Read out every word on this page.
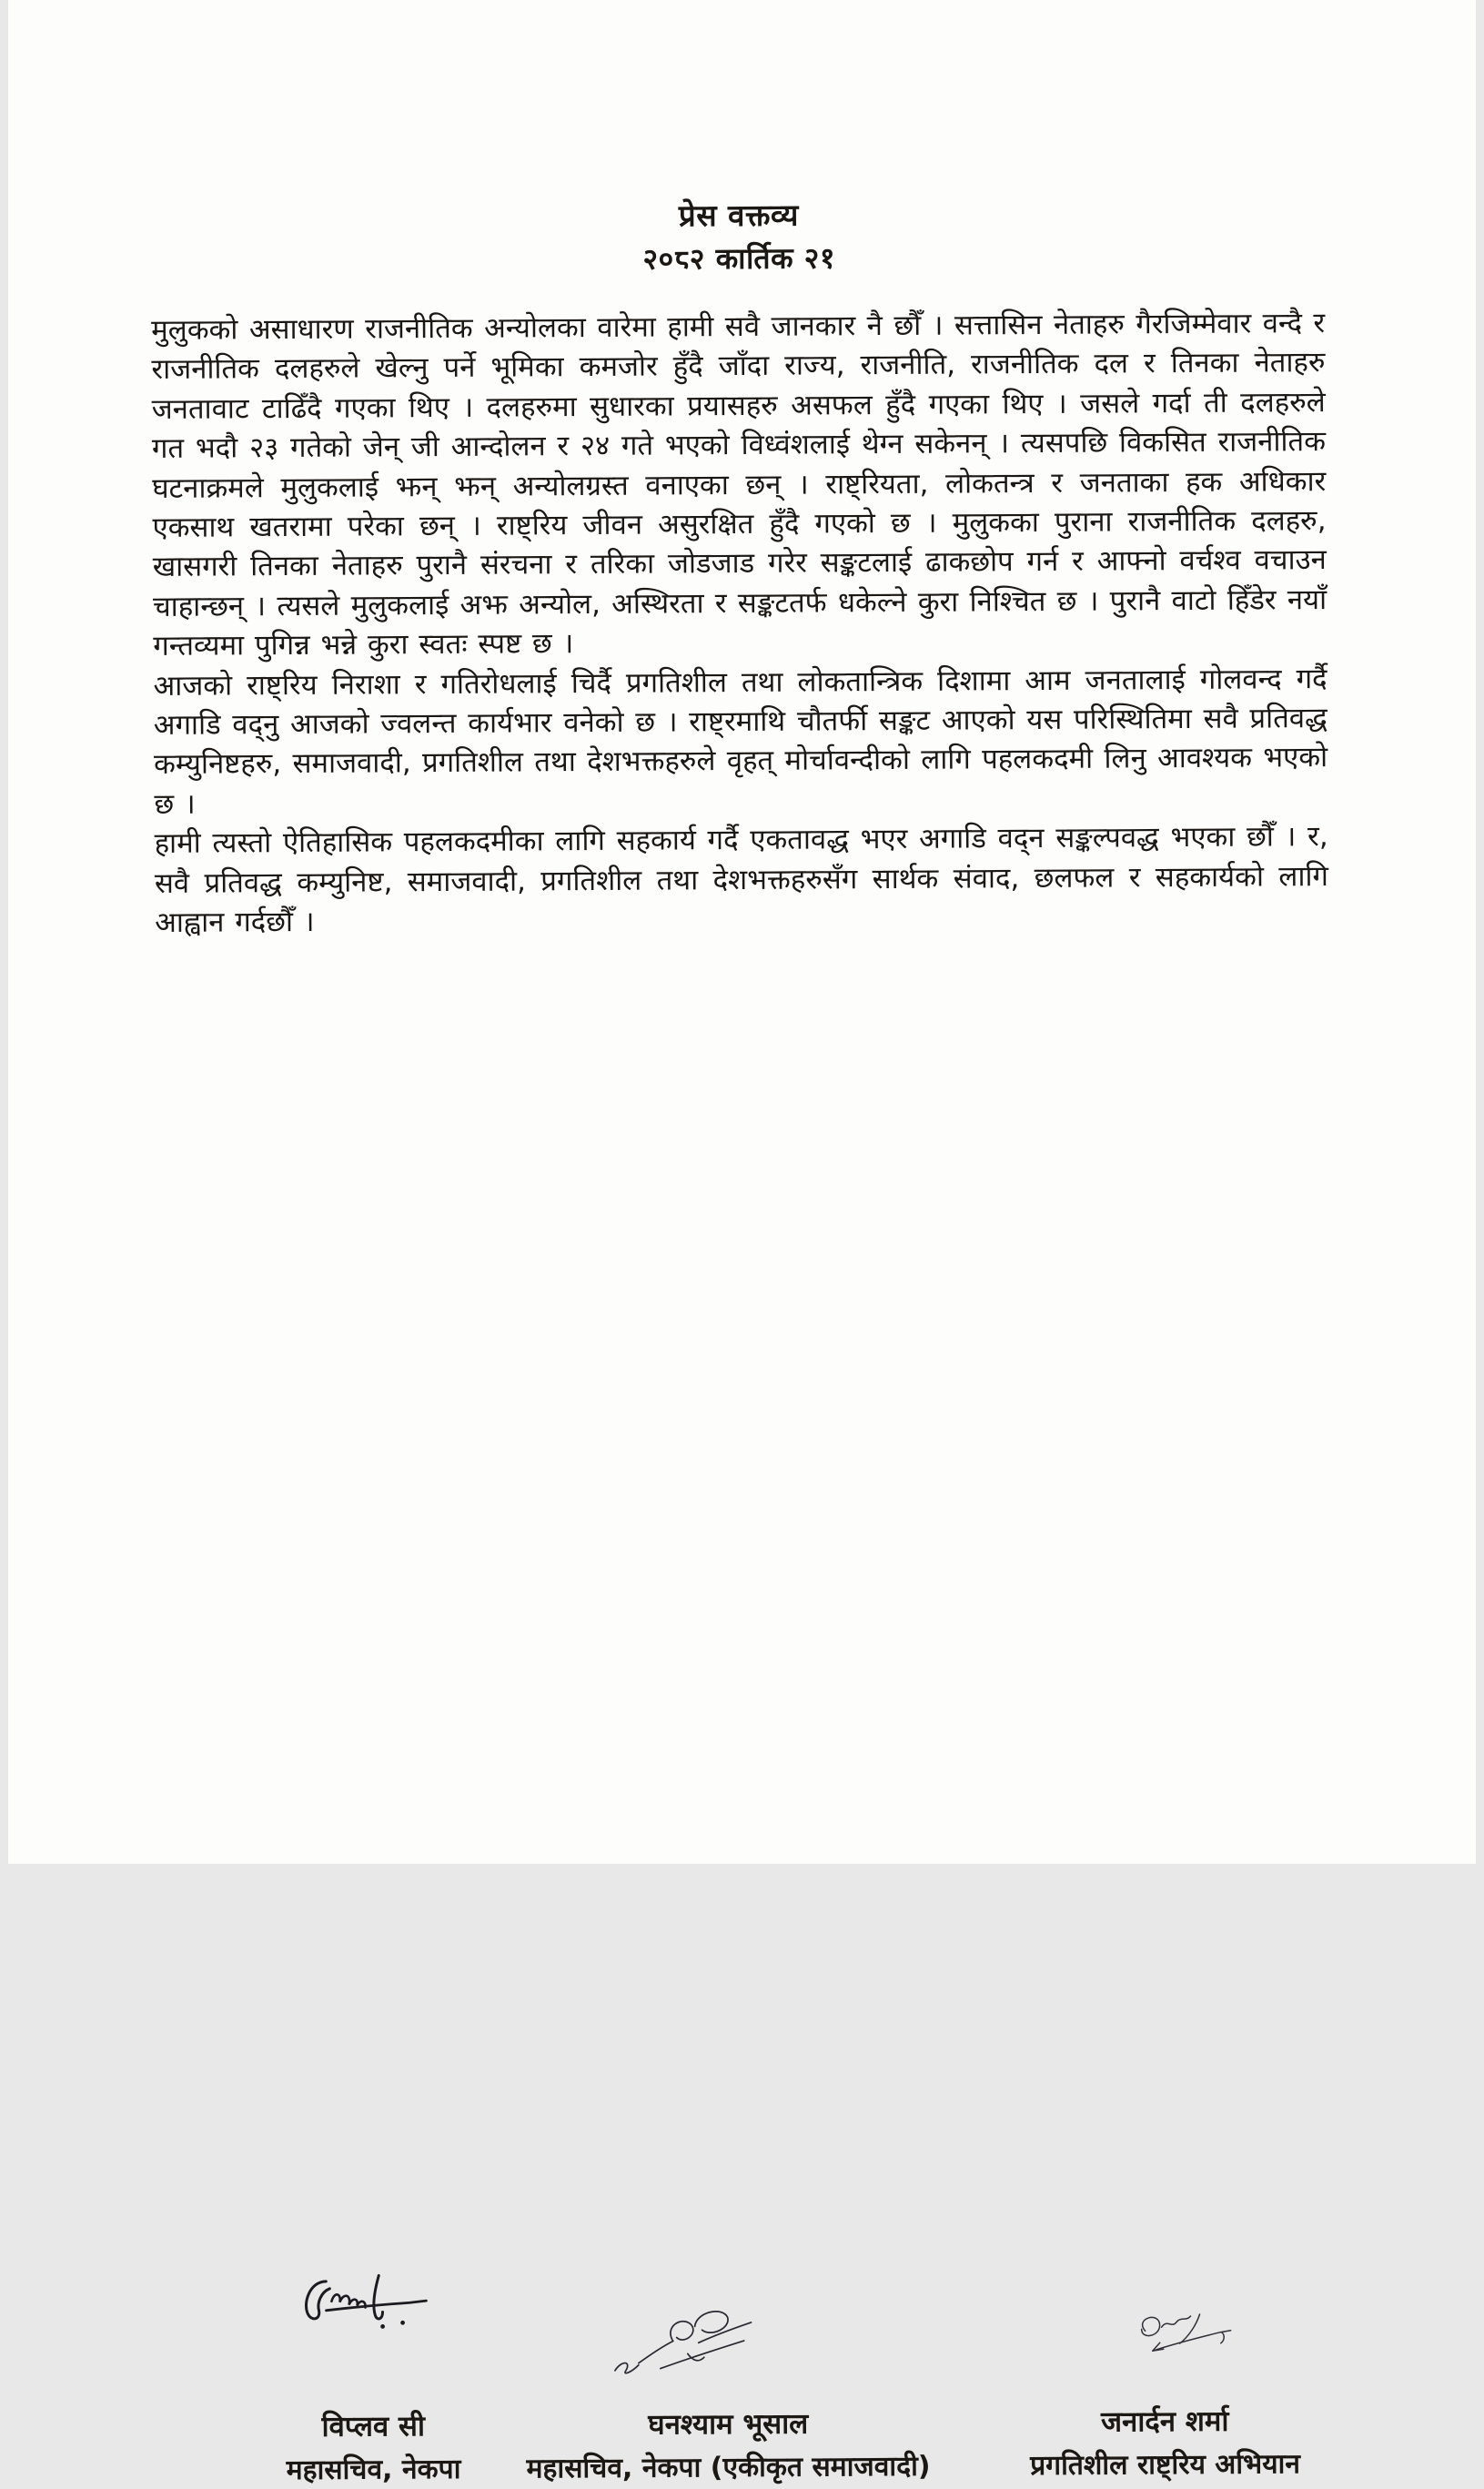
प्रेस वक्तव्य
२०८२ कार्तिक २१

मुलुकको असाधारण राजनीतिक अन्योलका वारेमा हामी सवै जानकार नै छौँ । सत्तासिन नेताहरु गैरजिम्मेवार वन्दै र राजनीतिक दलहरुले खेल्नु पर्ने भूमिका कमजोर हुँदै जाँदा राज्य, राजनीति, राजनीतिक दल र तिनका नेताहरु जनतावाट टाढिँदै गएका थिए । दलहरुमा सुधारका प्रयासहरु असफल हुँदै गएका थिए । जसले गर्दा ती दलहरुले गत भदौ २३ गतेको जेन् जी आन्दोलन र २४ गते भएको विध्वंशलाई थेग्न सकेनन् । त्यसपछि विकसित राजनीतिक घटनाक्रमले मुलुकलाई झन् झन् अन्योलग्रस्त वनाएका छन् । राष्ट्रियता, लोकतन्त्र र जनताका हक अधिकार एकसाथ खतरामा परेका छन् । राष्ट्रिय जीवन असुरक्षित हुँदै गएको छ । मुलुकका पुराना राजनीतिक दलहरु, खासगरी तिनका नेताहरु पुरानै संरचना र तरिका जोडजाड गरेर सङ्कटलाई ढाकछोप गर्न र आफ्नो वर्चश्व वचाउन चाहान्छन् । त्यसले मुलुकलाई अझ अन्योल, अस्थिरता र सङ्कटतर्फ धकेल्ने कुरा निश्चित छ । पुरानै वाटो हिँडेर नयाँ गन्तव्यमा पुगिन्न भन्ने कुरा स्वतः स्पष्ट छ ।

आजको राष्ट्रिय निराशा र गतिरोधलाई चिर्दै प्रगतिशील तथा लोकतान्त्रिक दिशामा आम जनतालाई गोलवन्द गर्दै अगाडि वद्नु आजको ज्वलन्त कार्यभार वनेको छ । राष्ट्रमाथि चौतर्फी सङ्कट आएको यस परिस्थितिमा सवै प्रतिवद्ध कम्युनिष्टहरु, समाजवादी, प्रगतिशील तथा देशभक्तहरुले वृहत् मोर्चावन्दीको लागि पहलकदमी लिनु आवश्यक भएको छ ।

हामी त्यस्तो ऐतिहासिक पहलकदमीका लागि सहकार्य गर्दै एकतावद्ध भएर अगाडि वद्न सङ्कल्पवद्ध भएका छौँ । र, सवै प्रतिवद्ध कम्युनिष्ट, समाजवादी, प्रगतिशील तथा देशभक्तहरुसँग सार्थक संवाद, छलफल र सहकार्यको लागि आह्वान गर्दछौँ ।

विप्लव सी
महासचिव, नेकपा
घनश्याम भूसाल
महासचिव, नेकपा (एकीकृत समाजवादी)
जनार्दन शर्मा
प्रगतिशील राष्ट्रिय अभियान
